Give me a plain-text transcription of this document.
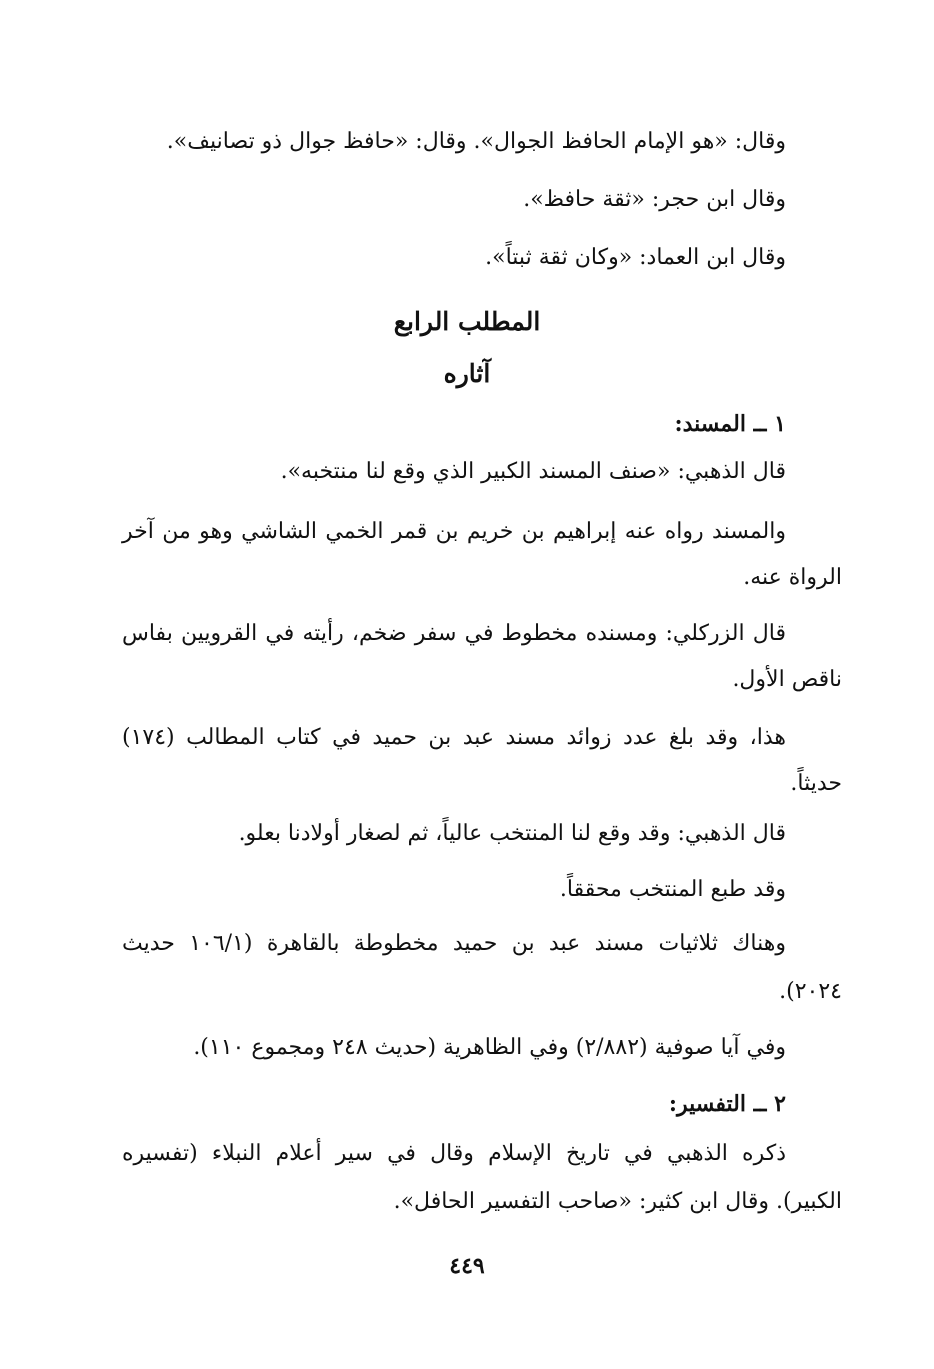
وقال: «هو الإمام الحافظ الجوال». وقال: «حافظ جوال ذو تصانيف».
وقال ابن حجر: «ثقة حافظ».
وقال ابن العماد: «وكان ثقة ثبتاً».
المطلب الرابع
آثاره
١ ــ المسند:
قال الذهبي: «صنف المسند الكبير الذي وقع لنا منتخبه».
والمسند رواه عنه إبراهيم بن خريم بن قمر الخمي الشاشي وهو من آخر
الرواة عنه.
قال الزركلي: ومسنده مخطوط في سفر ضخم، رأيته في القرويين بفاس
ناقص الأول.
هذا، وقد بلغ عدد زوائد مسند عبد بن حميد في كتاب المطالب (١٧٤)
حديثاً.
قال الذهبي: وقد وقع لنا المنتخب عالياً، ثم لصغار أولادنا بعلو.
وقد طبع المنتخب محققاً.
وهناك ثلاثيات مسند عبد بن حميد مخطوطة بالقاهرة (١٠٦/١ حديث
٢٠٢٤).
وفي آيا صوفية (٢/٨٨٢) وفي الظاهرية (حديث ٢٤٨ ومجموع ١١٠).
٢ ــ التفسير:
ذكره الذهبي في تاريخ الإسلام وقال في سير أعلام النبلاء (تفسيره
الكبير). وقال ابن كثير: «صاحب التفسير الحافل».
٤٤٩
